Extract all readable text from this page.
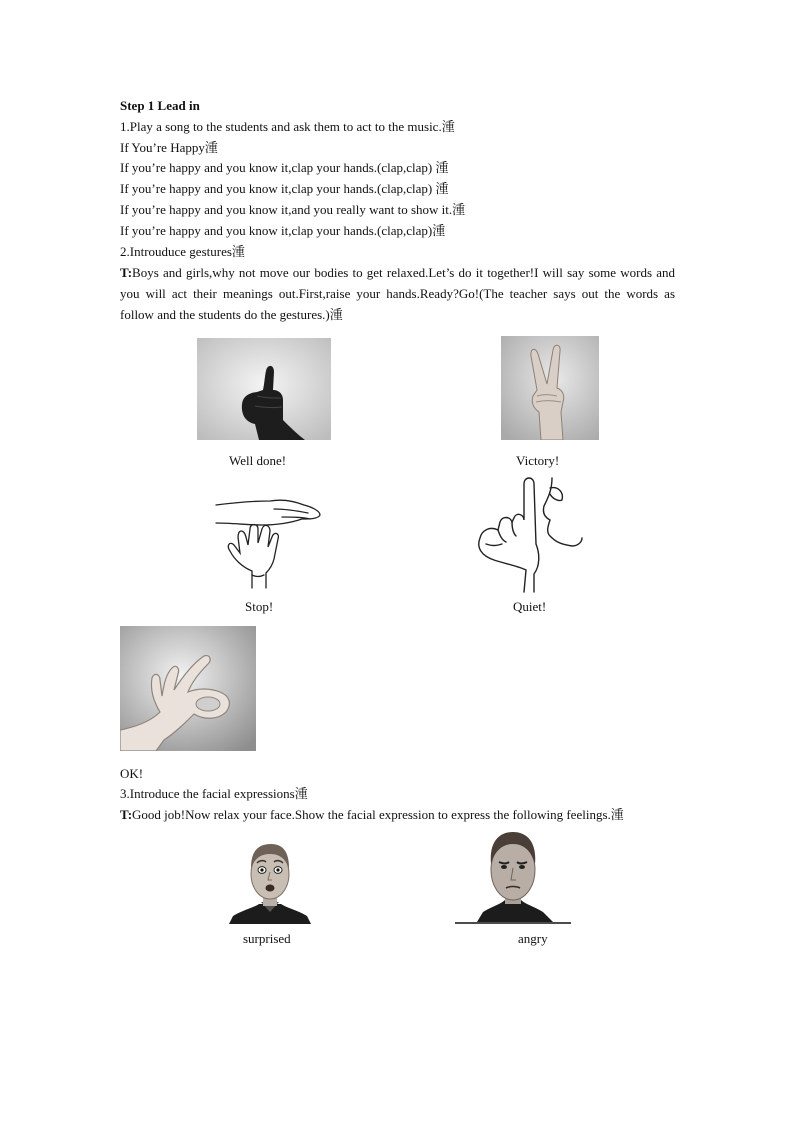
Step 1 Lead in
1.Play a song to the students and ask them to act to the music.湩
If You’re Happy湩
If you’re happy and you know it,clap your hands.(clap,clap) 湩
If you’re happy and you know it,clap your hands.(clap,clap) 湩
If you’re happy and you know it,and you really want to show it.湩
If you’re happy and you know it,clap your hands.(clap,clap)湩
2.Introuduce gestures湩

T:Boys and girls,why not move our bodies to get relaxed.Let’s do it together!I will say some words and you will act their meanings out.First,raise your hands.Ready?Go!(The teacher says out the words as follow and the students do the gestures.)湩

Well done!	Victory!
Stop!	Quiet!
OK!
3.Introduce the facial expressions湩
T:Good job!Now relax your face.Show the facial expression to express the following feelings.湩
surprised	angry
